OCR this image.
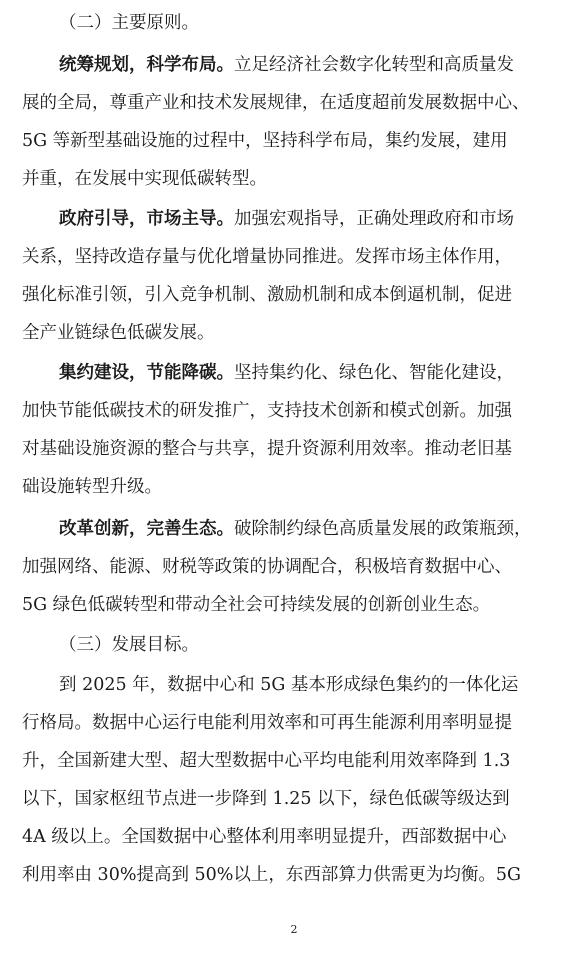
（二）主要原则。
统筹规划，科学布局。立足经济社会数字化转型和高质量发
展的全局，尊重产业和技术发展规律，在适度超前发展数据中心、
5G 等新型基础设施的过程中，坚持科学布局，集约发展，建用
并重，在发展中实现低碳转型。
政府引导，市场主导。加强宏观指导，正确处理政府和市场
关系，坚持改造存量与优化增量协同推进。发挥市场主体作用，
强化标准引领，引入竞争机制、激励机制和成本倒逼机制，促进
全产业链绿色低碳发展。
集约建设，节能降碳。坚持集约化、绿色化、智能化建设，
加快节能低碳技术的研发推广，支持技术创新和模式创新。加强
对基础设施资源的整合与共享，提升资源利用效率。推动老旧基
础设施转型升级。
改革创新，完善生态。破除制约绿色高质量发展的政策瓶颈，
加强网络、能源、财税等政策的协调配合，积极培育数据中心、
5G 绿色低碳转型和带动全社会可持续发展的创新创业生态。
（三）发展目标。
到 2025 年，数据中心和 5G 基本形成绿色集约的一体化运
行格局。数据中心运行电能利用效率和可再生能源利用率明显提
升，全国新建大型、超大型数据中心平均电能利用效率降到 1.3
以下，国家枢纽节点进一步降到 1.25 以下，绿色低碳等级达到
4A 级以上。全国数据中心整体利用率明显提升，西部数据中心
利用率由 30%提高到 50%以上，东西部算力供需更为均衡。5G
2
